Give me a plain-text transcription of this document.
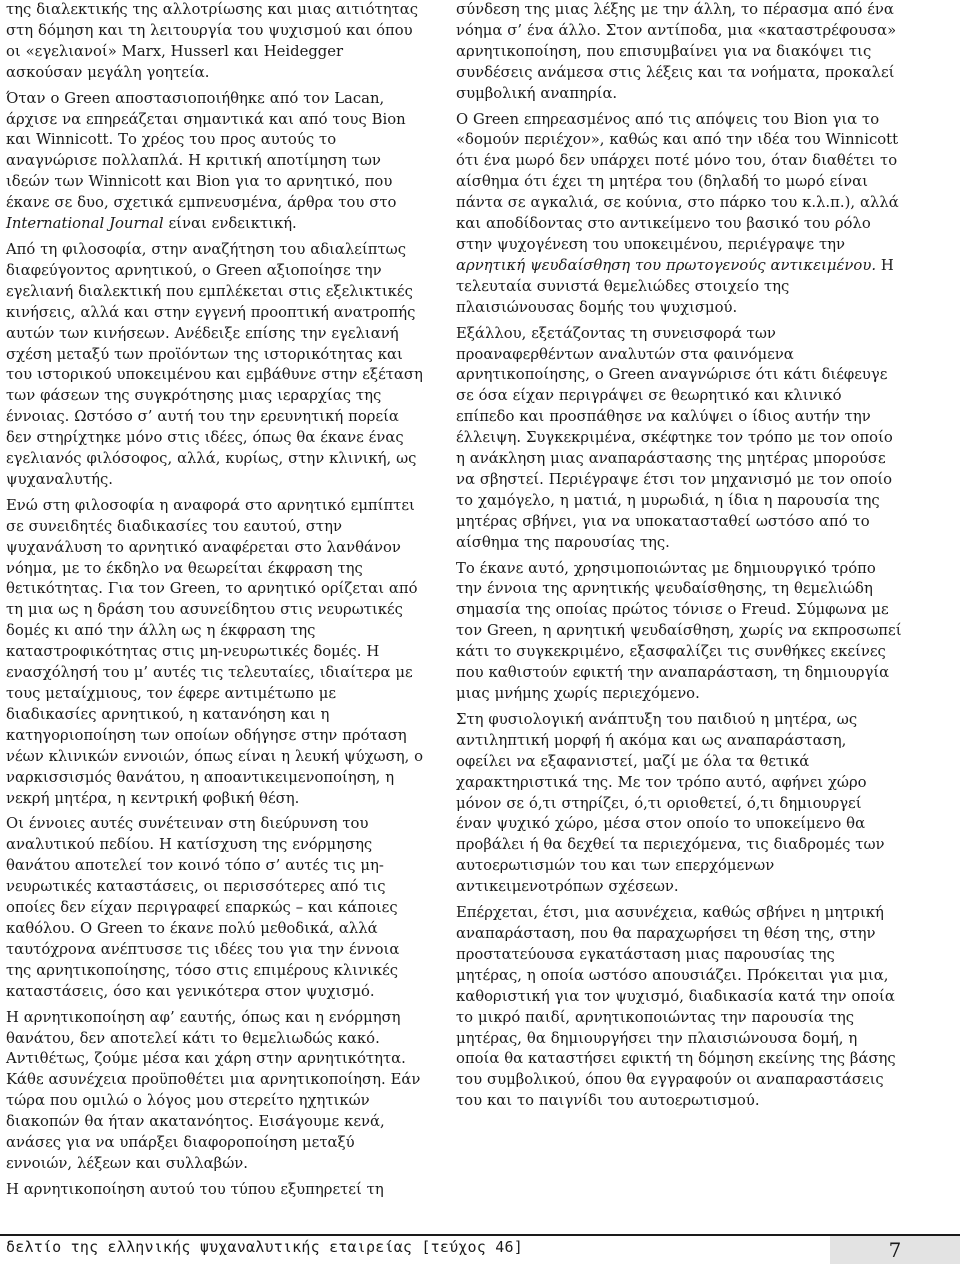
της διαλεκτικής της αλλοτρίωσης και μιας αιτιότητας στη δόμηση και τη λειτουργία του ψυχισμού και όπου οι «εγελιανοί» Marx, Husserl και Heidegger ασκούσαν μεγάλη γοητεία.

Όταν ο Green αποστασιοποιήθηκε από τον Lacan, άρχισε να επηρεάζεται σημαντικά και από τους Bion και Winnicott. Το χρέος του προς αυτούς το αναγνώρισε πολλαπλά. Η κριτική αποτίμηση των ιδεών των Winnicott και Bion για το αρνητικό, που έκανε σε δυο, σχετικά εμπνευσμένα, άρθρα του στο International Journal είναι ενδεικτική.

Από τη φιλοσοφία, στην αναζήτηση του αδιαλείπτως διαφεύγοντος αρνητικού, ο Green αξιοποίησε την εγελιανή διαλεκτική που εμπλέκεται στις εξελικτικές κινήσεις, αλλά και στην εγγενή προοπτική ανατροπής αυτών των κινήσεων. Ανέδειξε επίσης την εγελιανή σχέση μεταξύ των προϊόντων της ιστορικότητας και του ιστορικού υποκειμένου και εμβάθυνε στην εξέταση των φάσεων της συγκρότησης μιας ιεραρχίας της έννοιας. Ωστόσο σ’ αυτή του την ερευνητική πορεία δεν στηρίχτηκε μόνο στις ιδέες, όπως θα έκανε ένας εγελιανός φιλόσοφος, αλλά, κυρίως, στην κλινική, ως ψυχαναλυτής.

Ενώ στη φιλοσοφία η αναφορά στο αρνητικό εμπίπτει σε συνειδητές διαδικασίες του εαυτού, στην ψυχανάλυση το αρνητικό αναφέρεται στο λανθάνον νόημα, με το έκδηλο να θεωρείται έκφραση της θετικότητας. Για τον Green, το αρνητικό ορίζεται από τη μια ως η δράση του ασυνείδητου στις νευρωτικές δομές κι από την άλλη ως η έκφραση της καταστροφικότητας στις μη-νευρωτικές δομές. Η ενασχόλησή του μ’ αυτές τις τελευταίες, ιδιαίτερα με τους μεταίχμιους, τον έφερε αντιμέτωπο με διαδικασίες αρνητικού, η κατανόηση και η κατηγοριοποίηση των οποίων οδήγησε στην πρόταση νέων κλινικών εννοιών, όπως είναι η λευκή ψύχωση, ο ναρκισσισμός θανάτου, η αποαντικειμενοποίηση, η νεκρή μητέρα, η κεντρική φοβική θέση.

Οι έννοιες αυτές συνέτειναν στη διεύρυνση του αναλυτικού πεδίου. Η κατίσχυση της ενόρμησης θανάτου αποτελεί τον κοινό τόπο σ’ αυτές τις μη-νευρωτικές καταστάσεις, οι περισσότερες από τις οποίες δεν είχαν περιγραφεί επαρκώς – και κάποιες καθόλου. Ο Green το έκανε πολύ μεθοδικά, αλλά ταυτόχρονα ανέπτυσσε τις ιδέες του για την έννοια της αρνητικοποίησης, τόσο στις επιμέρους κλινικές καταστάσεις, όσο και γενικότερα στον ψυχισμό.

Η αρνητικοποίηση αφ’ εαυτής, όπως και η ενόρμηση θανάτου, δεν αποτελεί κάτι το θεμελιωδώς κακό. Αντιθέτως, ζούμε μέσα και χάρη στην αρνητικότητα. Κάθε ασυνέχεια προϋποθέτει μια αρνητικοποίηση. Εάν τώρα που ομιλώ ο λόγος μου στερείτο ηχητικών διακοπών θα ήταν ακατανόητος. Εισάγουμε κενά, ανάσες για να υπάρξει διαφοροποίηση μεταξύ εννοιών, λέξεων και συλλαβών.

Η αρνητικοποίηση αυτού του τύπου εξυπηρετεί τη

σύνδεση της μιας λέξης με την άλλη, το πέρασμα από ένα νόημα σ’ ένα άλλο. Στον αντίποδα, μια «καταστρέφουσα» αρνητικοποίηση, που επισυμβαίνει για να διακόψει τις συνδέσεις ανάμεσα στις λέξεις και τα νοήματα, προκαλεί συμβολική αναπηρία.

Ο Green επηρεασμένος από τις απόψεις του Bion για το «δομούν περιέχον», καθώς και από την ιδέα του Winnicott ότι ένα μωρό δεν υπάρχει ποτέ μόνο του, όταν διαθέτει το αίσθημα ότι έχει τη μητέρα του (δηλαδή το μωρό είναι πάντα σε αγκαλιά, σε κούνια, στο πάρκο του κ.λ.π.), αλλά και αποδίδοντας στο αντικείμενο του βασικό του ρόλο στην ψυχογένεση του υποκειμένου, περιέγραψε την αρνητική ψευδαίσθηση του πρωτογενούς αντικειμένου. Η τελευταία συνιστά θεμελιώδες στοιχείο της πλαισιώνουσας δομής του ψυχισμού.

Εξάλλου, εξετάζοντας τη συνεισφορά των προαναφερθέντων αναλυτών στα φαινόμενα αρνητικοποίησης, ο Green αναγνώρισε ότι κάτι διέφευγε σε όσα είχαν περιγράψει σε θεωρητικό και κλινικό επίπεδο και προσπάθησε να καλύψει ο ίδιος αυτήν την έλλειψη. Συγκεκριμένα, σκέφτηκε τον τρόπο με τον οποίο η ανάκληση μιας αναπαράστασης της μητέρας μπορούσε να σβηστεί. Περιέγραψε έτσι τον μηχανισμό με τον οποίο το χαμόγελο, η ματιά, η μυρωδιά, η ίδια η παρουσία της μητέρας σβήνει, για να υποκατασταθεί ωστόσο από το αίσθημα της παρουσίας της.

Το έκανε αυτό, χρησιμοποιώντας με δημιουργικό τρόπο την έννοια της αρνητικής ψευδαίσθησης, τη θεμελιώδη σημασία της οποίας πρώτος τόνισε ο Freud. Σύμφωνα με τον Green, η αρνητική ψευδαίσθηση, χωρίς να εκπροσωπεί κάτι το συγκεκριμένο, εξασφαλίζει τις συνθήκες εκείνες που καθιστούν εφικτή την αναπαράσταση, τη δημιουργία μιας μνήμης χωρίς περιεχόμενο.

Στη φυσιολογική ανάπτυξη του παιδιού η μητέρα, ως αντιληπτική μορφή ή ακόμα και ως αναπαράσταση, οφείλει να εξαφανιστεί, μαζί με όλα τα θετικά χαρακτηριστικά της. Με τον τρόπο αυτό, αφήνει χώρο μόνον σε ό,τι στηρίζει, ό,τι οριοθετεί, ό,τι δημιουργεί έναν ψυχικό χώρο, μέσα στον οποίο το υποκείμενο θα προβάλει ή θα δεχθεί τα περιεχόμενα, τις διαδρομές των αυτοερωτισμών του και των επερχόμενων αντικειμενοτρόπων σχέσεων.

Επέρχεται, έτσι, μια ασυνέχεια, καθώς σβήνει η μητρική αναπαράσταση, που θα παραχωρήσει τη θέση της, στην προστατεύουσα εγκατάσταση μιας παρουσίας της μητέρας, η οποία ωστόσο απουσιάζει. Πρόκειται για μια, καθοριστική για τον ψυχισμό, διαδικασία κατά την οποία το μικρό παιδί, αρνητικοποιώντας την παρουσία της μητέρας, θα δημιουργήσει την πλαισιώνουσα δομή, η οποία θα καταστήσει εφικτή τη δόμηση εκείνης της βάσης του συμβολικού, όπου θα εγγραφούν οι αναπαραστάσεις του και το παιγνίδι του αυτοερωτισμού.

δελτίο της ελληνικής ψυχαναλυτικής εταιρείας [τεύχος 46]	7
